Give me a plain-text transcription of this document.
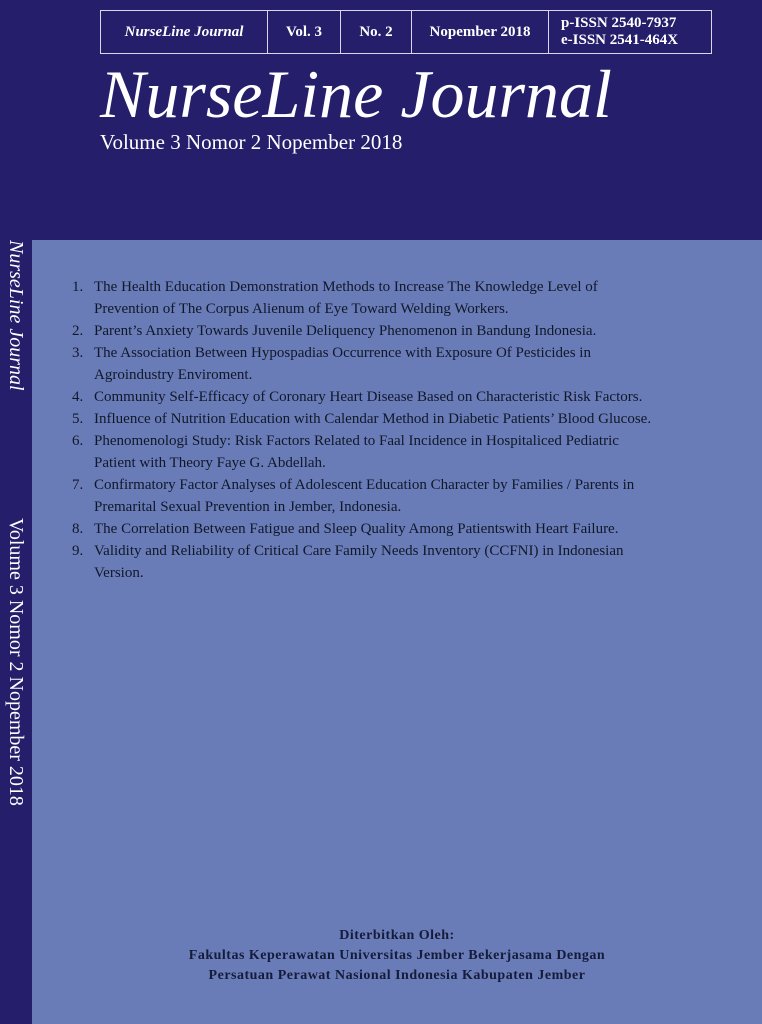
NurseLine Journal	Vol. 3	No. 2	Nopember 2018
p-ISSN 2540-7937
e-ISSN 2541-464X
NurseLine Journal
Volume 3 Nomor 2 Nopember 2018
NurseLine Journal
Volume 3 Nomor 2 Nopember 2018
1. The Health Education Demonstration Methods to Increase The Knowledge Level of
Prevention of The Corpus Alienum of Eye Toward Welding Workers.
2. Parent’s Anxiety Towards Juvenile Deliquency Phenomenon in Bandung Indonesia.
3. The Association Between Hypospadias Occurrence with Exposure Of Pesticides in
Agroindustry Enviroment.
4. Community Self-Efficacy of Coronary Heart Disease Based on Characteristic Risk Factors.
5. Influence of Nutrition Education with Calendar Method in Diabetic Patients’ Blood Glucose.
6. Phenomenologi Study: Risk Factors Related to Faal Incidence in Hospitaliced Pediatric
Patient with Theory Faye G. Abdellah.
7. Confirmatory Factor Analyses of Adolescent Education Character by Families / Parents in
Premarital Sexual Prevention in Jember, Indonesia.
8. The Correlation Between Fatigue and Sleep Quality Among Patientswith Heart Failure.
9. Validity and Reliability of Critical Care Family Needs Inventory (CCFNI) in Indonesian
Version.
Diterbitkan Oleh:
Fakultas Keperawatan Universitas Jember Bekerjasama Dengan
Persatuan Perawat Nasional Indonesia Kabupaten Jember
